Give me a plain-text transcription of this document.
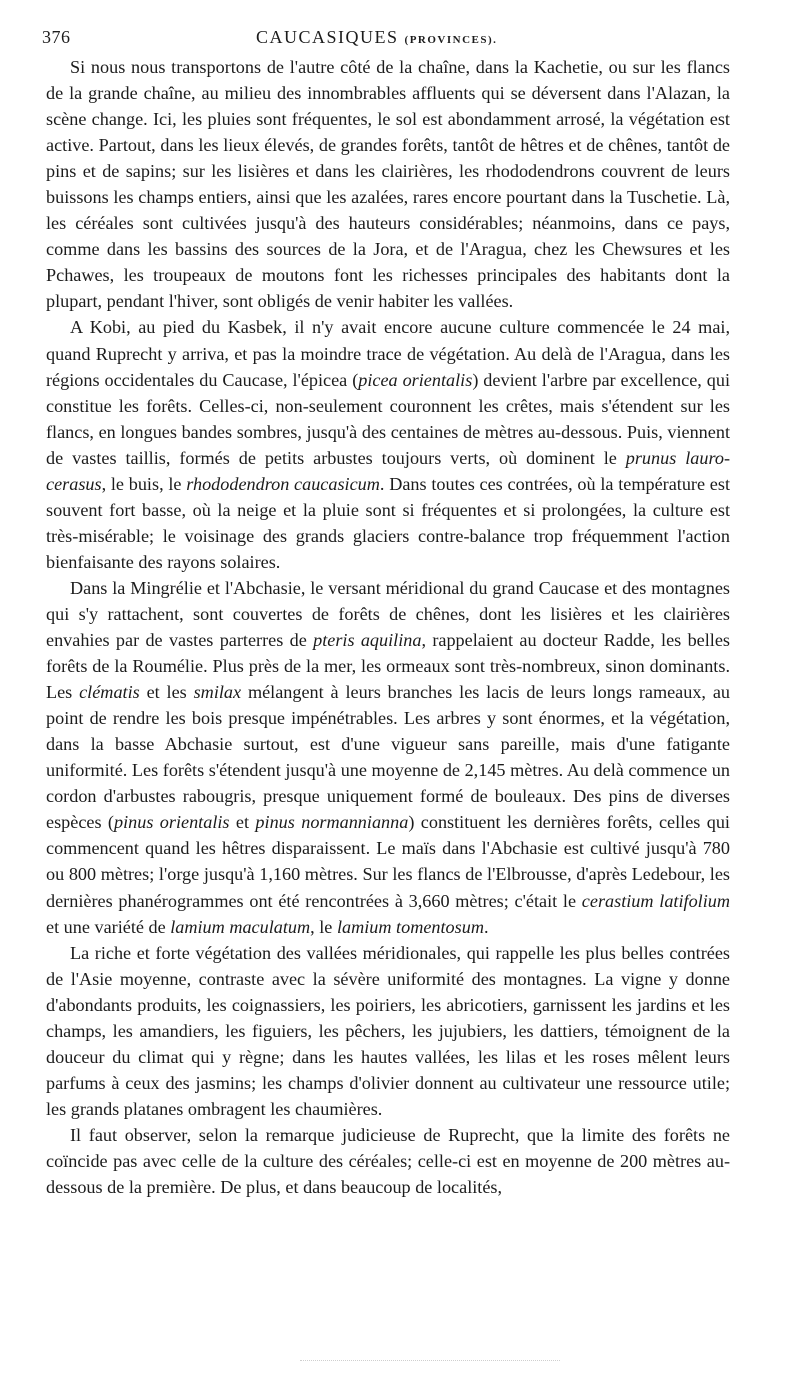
376	CAUCASIQUES (PROVINCES).

Si nous nous transportons de l'autre côté de la chaîne, dans la Kachetie, ou sur les flancs de la grande chaîne, au milieu des innombrables affluents qui se déversent dans l'Alazan, la scène change. Ici, les pluies sont fréquentes, le sol est abondamment arrosé, la végétation est active. Partout, dans les lieux élevés, de grandes forêts, tantôt de hêtres et de chênes, tantôt de pins et de sapins; sur les lisières et dans les clairières, les rhododendrons couvrent de leurs buissons les champs entiers, ainsi que les azalées, rares encore pourtant dans la Tuschetie. Là, les céréales sont cultivées jusqu'à des hauteurs considérables; néanmoins, dans ce pays, comme dans les bassins des sources de la Jora, et de l'Aragua, chez les Chewsures et les Pchawes, les troupeaux de moutons font les richesses principales des habitants dont la plupart, pendant l'hiver, sont obligés de venir habiter les vallées.

A Kobi, au pied du Kasbek, il n'y avait encore aucune culture commencée le 24 mai, quand Ruprecht y arriva, et pas la moindre trace de végétation. Au delà de l'Aragua, dans les régions occidentales du Caucase, l'épicea (picea orientalis) devient l'arbre par excellence, qui constitue les forêts. Celles-ci, non-seulement couronnent les crêtes, mais s'étendent sur les flancs, en longues bandes sombres, jusqu'à des centaines de mètres au-dessous. Puis, viennent de vastes taillis, formés de petits arbustes toujours verts, où dominent le prunus lauro-cerasus, le buis, le rhododendron caucasicum. Dans toutes ces contrées, où la température est souvent fort basse, où la neige et la pluie sont si fréquentes et si prolongées, la culture est très-misérable; le voisinage des grands glaciers contre-balance trop fréquemment l'action bienfaisante des rayons solaires.

Dans la Mingrélie et l'Abchasie, le versant méridional du grand Caucase et des montagnes qui s'y rattachent, sont couvertes de forêts de chênes, dont les lisières et les clairières envahies par de vastes parterres de pteris aquilina, rappelaient au docteur Radde, les belles forêts de la Roumélie. Plus près de la mer, les ormeaux sont très-nombreux, sinon dominants. Les clématis et les smilax mélangent à leurs branches les lacis de leurs longs rameaux, au point de rendre les bois presque impénétrables. Les arbres y sont énormes, et la végétation, dans la basse Abchasie surtout, est d'une vigueur sans pareille, mais d'une fatigante uniformité. Les forêts s'étendent jusqu'à une moyenne de 2,145 mètres. Au delà commence un cordon d'arbustes rabougris, presque uniquement formé de bouleaux. Des pins de diverses espèces (pinus orientalis et pinus normannianna) constituent les dernières forêts, celles qui commencent quand les hêtres disparaissent. Le maïs dans l'Abchasie est cultivé jusqu'à 780 ou 800 mètres; l'orge jusqu'à 1,160 mètres. Sur les flancs de l'Elbrousse, d'après Ledebour, les dernières phanérogrammes ont été rencontrées à 3,660 mètres; c'était le cerastium latifolium et une variété de lamium maculatum, le lamium tomentosum.

La riche et forte végétation des vallées méridionales, qui rappelle les plus belles contrées de l'Asie moyenne, contraste avec la sévère uniformité des montagnes. La vigne y donne d'abondants produits, les coignassiers, les poiriers, les abricotiers, garnissent les jardins et les champs, les amandiers, les figuiers, les pêchers, les jujubiers, les dattiers, témoignent de la douceur du climat qui y règne; dans les hautes vallées, les lilas et les roses mêlent leurs parfums à ceux des jasmins; les champs d'olivier donnent au cultivateur une ressource utile; les grands platanes ombragent les chaumières.

Il faut observer, selon la remarque judicieuse de Ruprecht, que la limite des forêts ne coïncide pas avec celle de la culture des céréales; celle-ci est en moyenne de 200 mètres au-dessous de la première. De plus, et dans beaucoup de localités,
